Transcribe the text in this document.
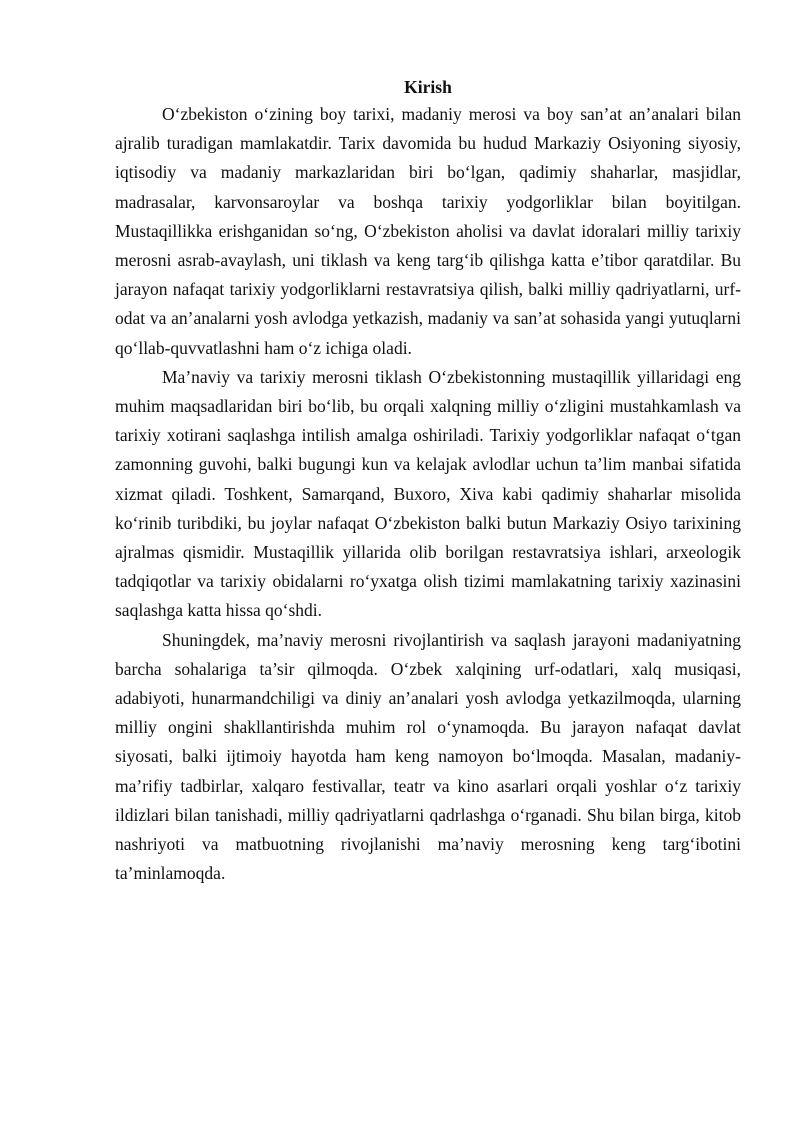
Kirish

O‘zbekiston o‘zining boy tarixi, madaniy merosi va boy san’at an’analari bilan ajralib turadigan mamlakatdir. Tarix davomida bu hudud Markaziy Osiyoning siyosiy, iqtisodiy va madaniy markazlaridan biri bo‘lgan, qadimiy shaharlar, masjidlar, madrasalar, karvonsaroylar va boshqa tarixiy yodgorliklar bilan boyitilgan. Mustaqillikka erishganidan so‘ng, O‘zbekiston aholisi va davlat idoralari milliy tarixiy merosni asrab-avaylash, uni tiklash va keng targ‘ib qilishga katta e’tibor qaratdilar. Bu jarayon nafaqat tarixiy yodgorliklarni restavratsiya qilish, balki milliy qadriyatlarni, urf-odat va an’analarni yosh avlodga yetkazish, madaniy va san’at sohasida yangi yutuqlarni qo‘llab-quvvatlashni ham o‘z ichiga oladi.

Ma’naviy va tarixiy merosni tiklash O‘zbekistonning mustaqillik yillaridagi eng muhim maqsadlaridan biri bo‘lib, bu orqali xalqning milliy o‘zligini mustahkamlash va tarixiy xotirani saqlashga intilish amalga oshiriladi. Tarixiy yodgorliklar nafaqat o‘tgan zamonning guvohi, balki bugungi kun va kelajak avlodlar uchun ta’lim manbai sifatida xizmat qiladi. Toshkent, Samarqand, Buxoro, Xiva kabi qadimiy shaharlar misolida ko‘rinib turibdiki, bu joylar nafaqat O‘zbekiston balki butun Markaziy Osiyo tarixining ajralmas qismidir. Mustaqillik yillarida olib borilgan restavratsiya ishlari, arxeologik tadqiqotlar va tarixiy obidalarni ro‘yxatga olish tizimi mamlakatning tarixiy xazinasini saqlashga katta hissa qo‘shdi.

Shuningdek, ma’naviy merosni rivojlantirish va saqlash jarayoni madaniyatning barcha sohalariga ta’sir qilmoqda. O‘zbek xalqining urf-odatlari, xalq musiqasi, adabiyoti, hunarmandchiligi va diniy an’analari yosh avlodga yetkazilmoqda, ularning milliy ongini shakllantirishda muhim rol o‘ynamoqda. Bu jarayon nafaqat davlat siyosati, balki ijtimoiy hayotda ham keng namoyon bo‘lmoqda. Masalan, madaniy-ma’rifiy tadbirlar, xalqaro festivallar, teatr va kino asarlari orqali yoshlar o‘z tarixiy ildizlari bilan tanishadi, milliy qadriyatlarni qadrlashga o‘rganadi. Shu bilan birga, kitob nashriyoti va matbuotning rivojlanishi ma’naviy merosning keng targ‘ibotini ta’minlamoqda.
